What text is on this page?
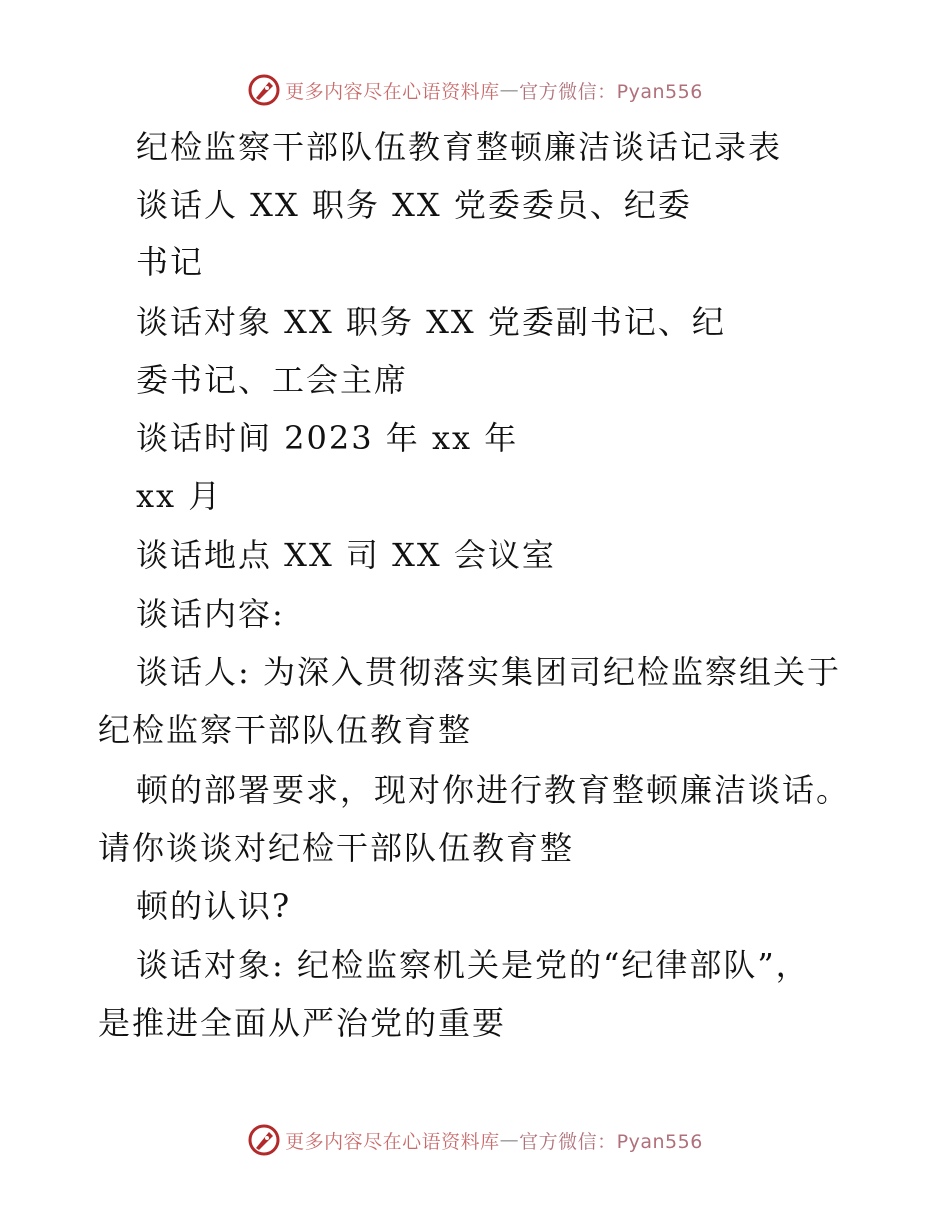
更多内容尽在心语资料库 — 官方微信：Pyan556
纪检监察干部队伍教育整顿廉洁谈话记录表
谈话人 XX 职务 XX 党委委员、纪委
书记
谈话对象 XX 职务 XX 党委副书记、纪
委书记、工会主席
谈话时间 2023 年 xx 年
xx 月
谈话地点 XX 司 XX 会议室
谈话内容:
谈话人: 为深入贯彻落实集团司纪检监察组关于
纪检监察干部队伍教育整
顿的部署要求，现对你进行教育整顿廉洁谈话。
请你谈谈对纪检干部队伍教育整
顿的认识?
谈话对象: 纪检监察机关是党的“纪律部队”，
是推进全面从严治党的重要
更多内容尽在心语资料库 — 官方微信：Pyan556
